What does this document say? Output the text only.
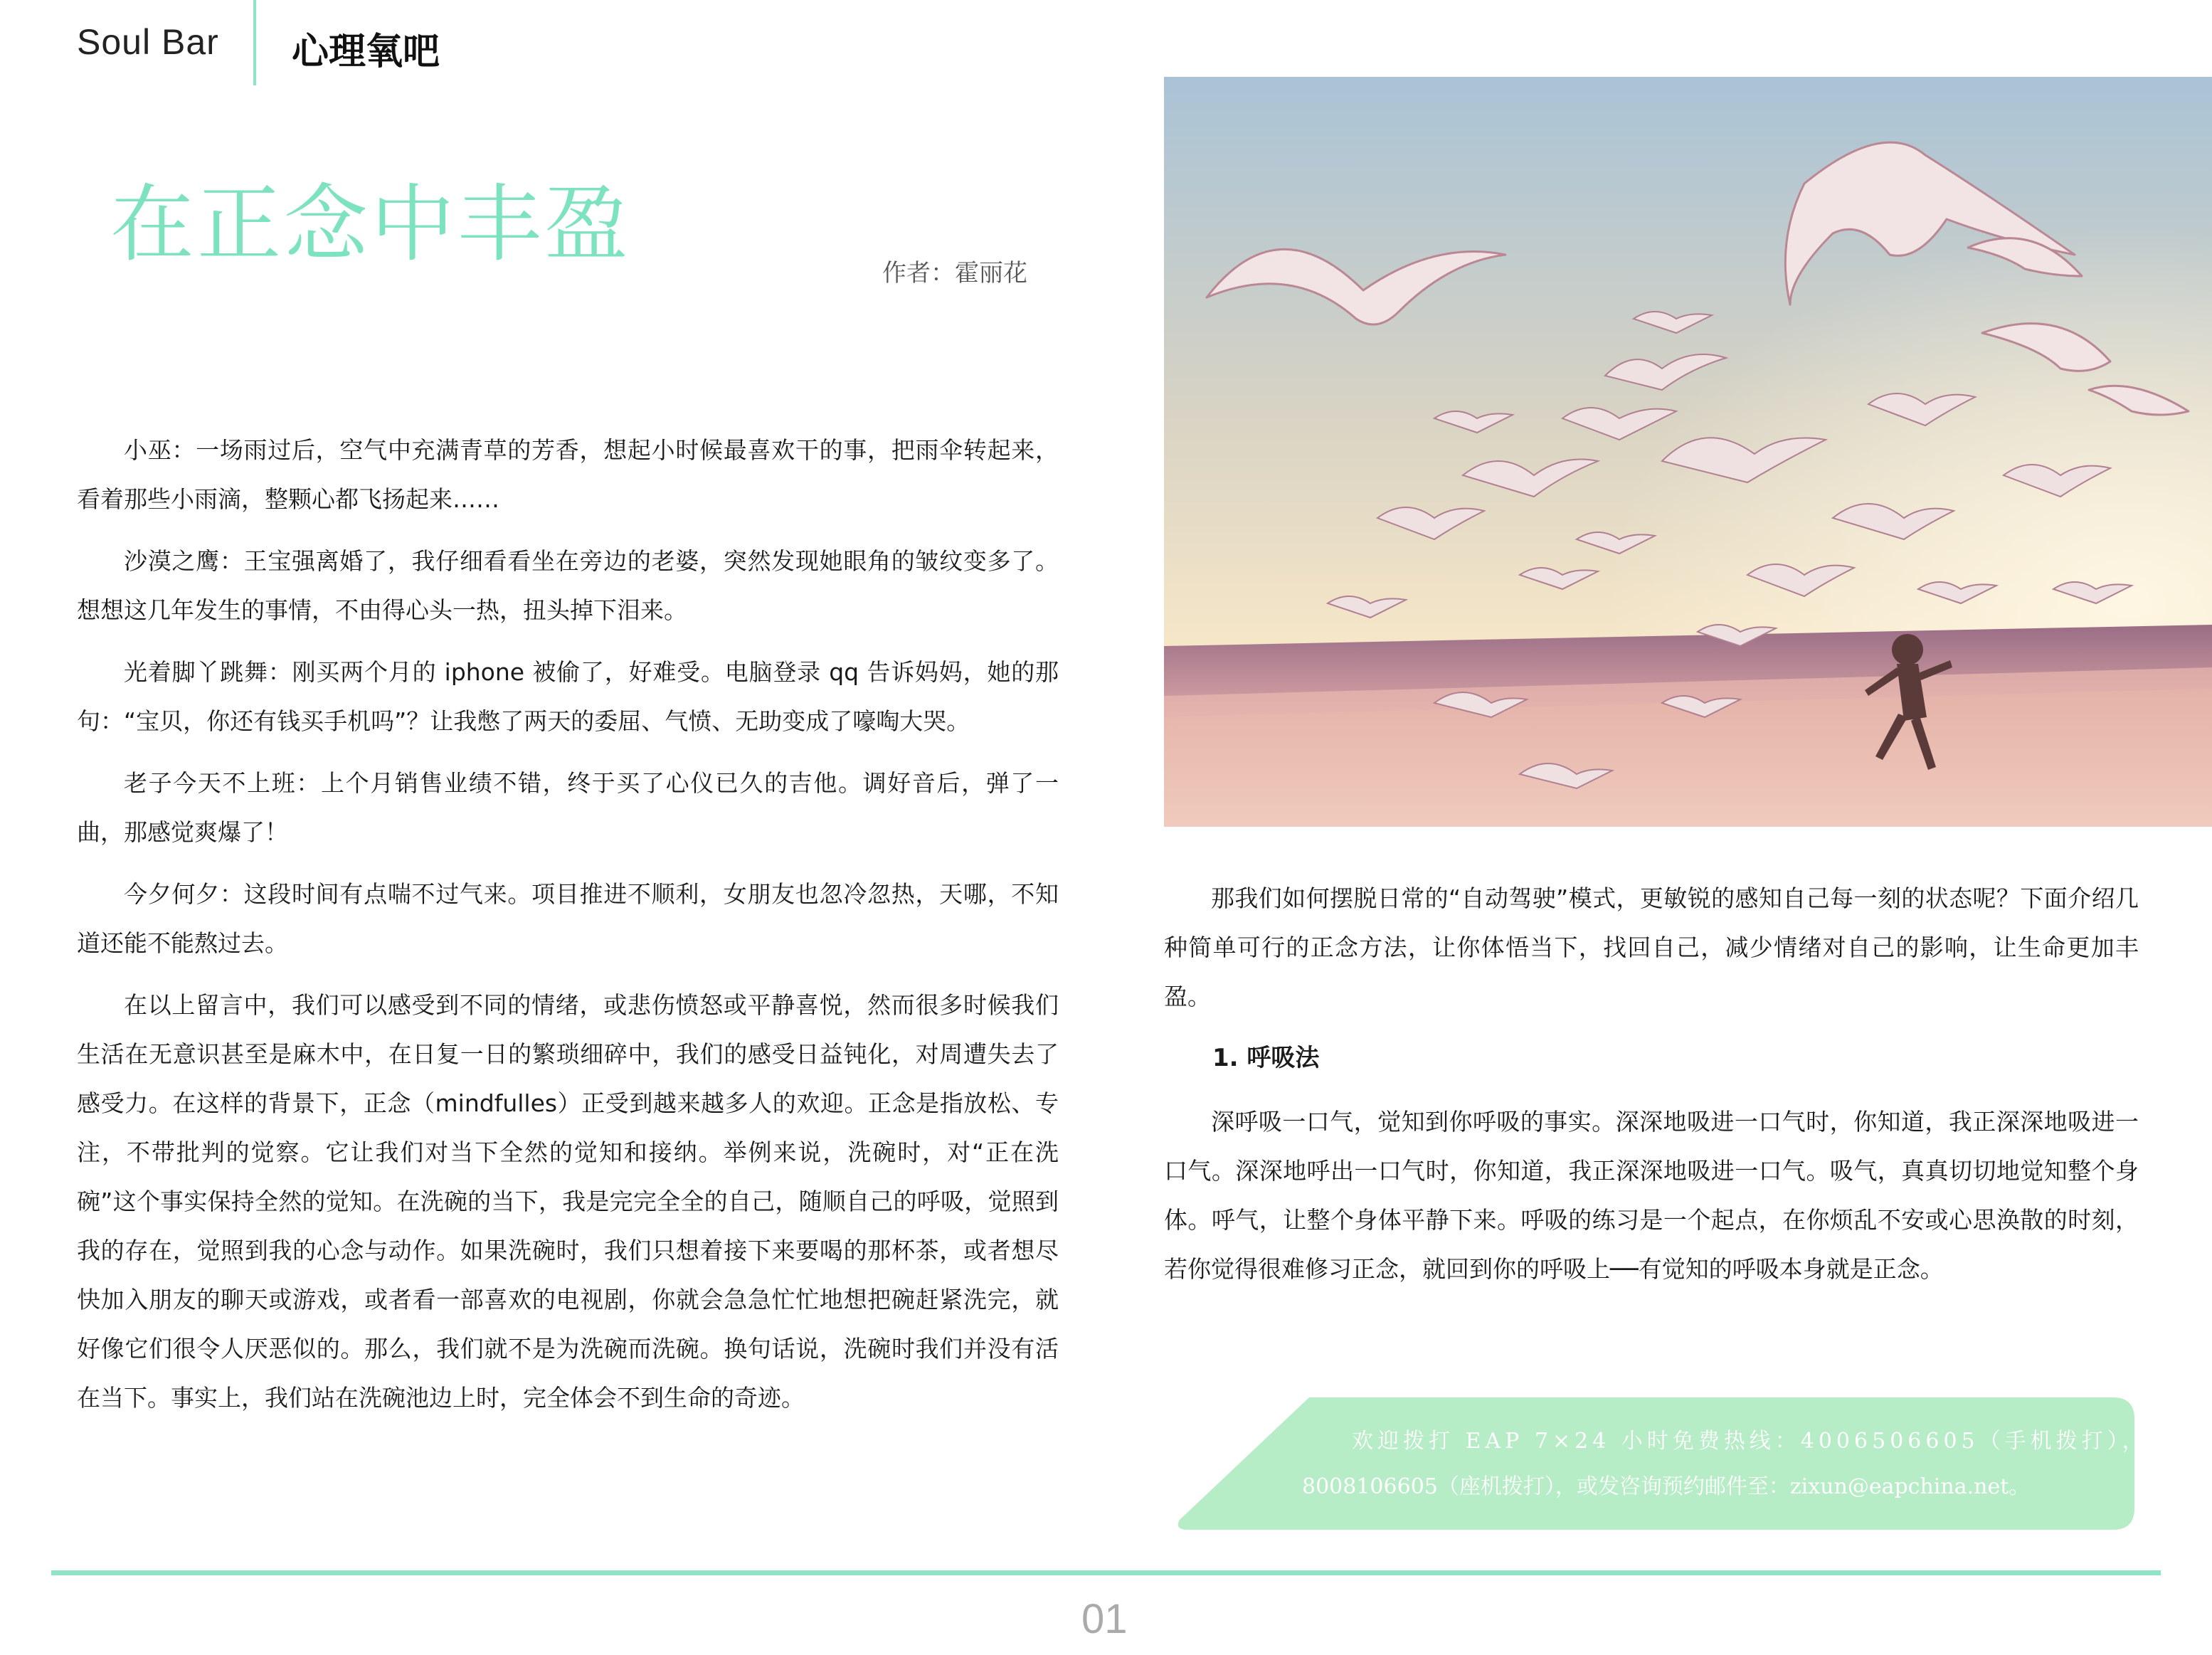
Soul Bar 心理氧吧
在正念中丰盈	作者：霍丽花

小巫：一场雨过后，空气中充满青草的芳香，想起小时候最喜欢干的事，把雨伞转起来，看着那些小雨滴，整颗心都飞扬起来……

沙漠之鹰：王宝强离婚了，我仔细看看坐在旁边的老婆，突然发现她眼角的皱纹变多了。想想这几年发生的事情，不由得心头一热，扭头掉下泪来。

光着脚丫跳舞：刚买两个月的 iphone 被偷了，好难受。电脑登录 qq 告诉妈妈，她的那句：“宝贝，你还有钱买手机吗”？让我憋了两天的委屈、气愤、无助变成了嚎啕大哭。

老子今天不上班：上个月销售业绩不错，终于买了心仪已久的吉他。调好音后，弹了一曲，那感觉爽爆了！

今夕何夕：这段时间有点喘不过气来。项目推进不顺利，女朋友也忽冷忽热，天哪，不知道还能不能熬过去。

在以上留言中，我们可以感受到不同的情绪，或悲伤愤怒或平静喜悦，然而很多时候我们生活在无意识甚至是麻木中，在日复一日的繁琐细碎中，我们的感受日益钝化，对周遭失去了感受力。在这样的背景下，正念（mindfulles）正受到越来越多人的欢迎。正念是指放松、专注，不带批判的觉察。它让我们对当下全然的觉知和接纳。举例来说，洗碗时，对“正在洗碗”这个事实保持全然的觉知。在洗碗的当下，我是完完全全的自己，随顺自己的呼吸，觉照到我的存在，觉照到我的心念与动作。如果洗碗时，我们只想着接下来要喝的那杯茶，或者想尽快加入朋友的聊天或游戏，或者看一部喜欢的电视剧，你就会急急忙忙地想把碗赶紧洗完，就好像它们很令人厌恶似的。那么，我们就不是为洗碗而洗碗。换句话说，洗碗时我们并没有活在当下。事实上，我们站在洗碗池边上时，完全体会不到生命的奇迹。

那我们如何摆脱日常的“自动驾驶”模式，更敏锐的感知自己每一刻的状态呢？下面介绍几种简单可行的正念方法，让你体悟当下，找回自己，减少情绪对自己的影响，让生命更加丰盈。

1. 呼吸法

深呼吸一口气，觉知到你呼吸的事实。深深地吸进一口气时，你知道，我正深深地吸进一口气。深深地呼出一口气时，你知道，我正深深地吸进一口气。吸气，真真切切地觉知整个身体。呼气，让整个身体平静下来。呼吸的练习是一个起点，在你烦乱不安或心思涣散的时刻，若你觉得很难修习正念，就回到你的呼吸上──有觉知的呼吸本身就是正念。

欢迎拨打 EAP 7×24 小时免费热线：4006506605（手机拨打），
8008106605（座机拨打），或发咨询预约邮件至：zixun@eapchina.net。
01
